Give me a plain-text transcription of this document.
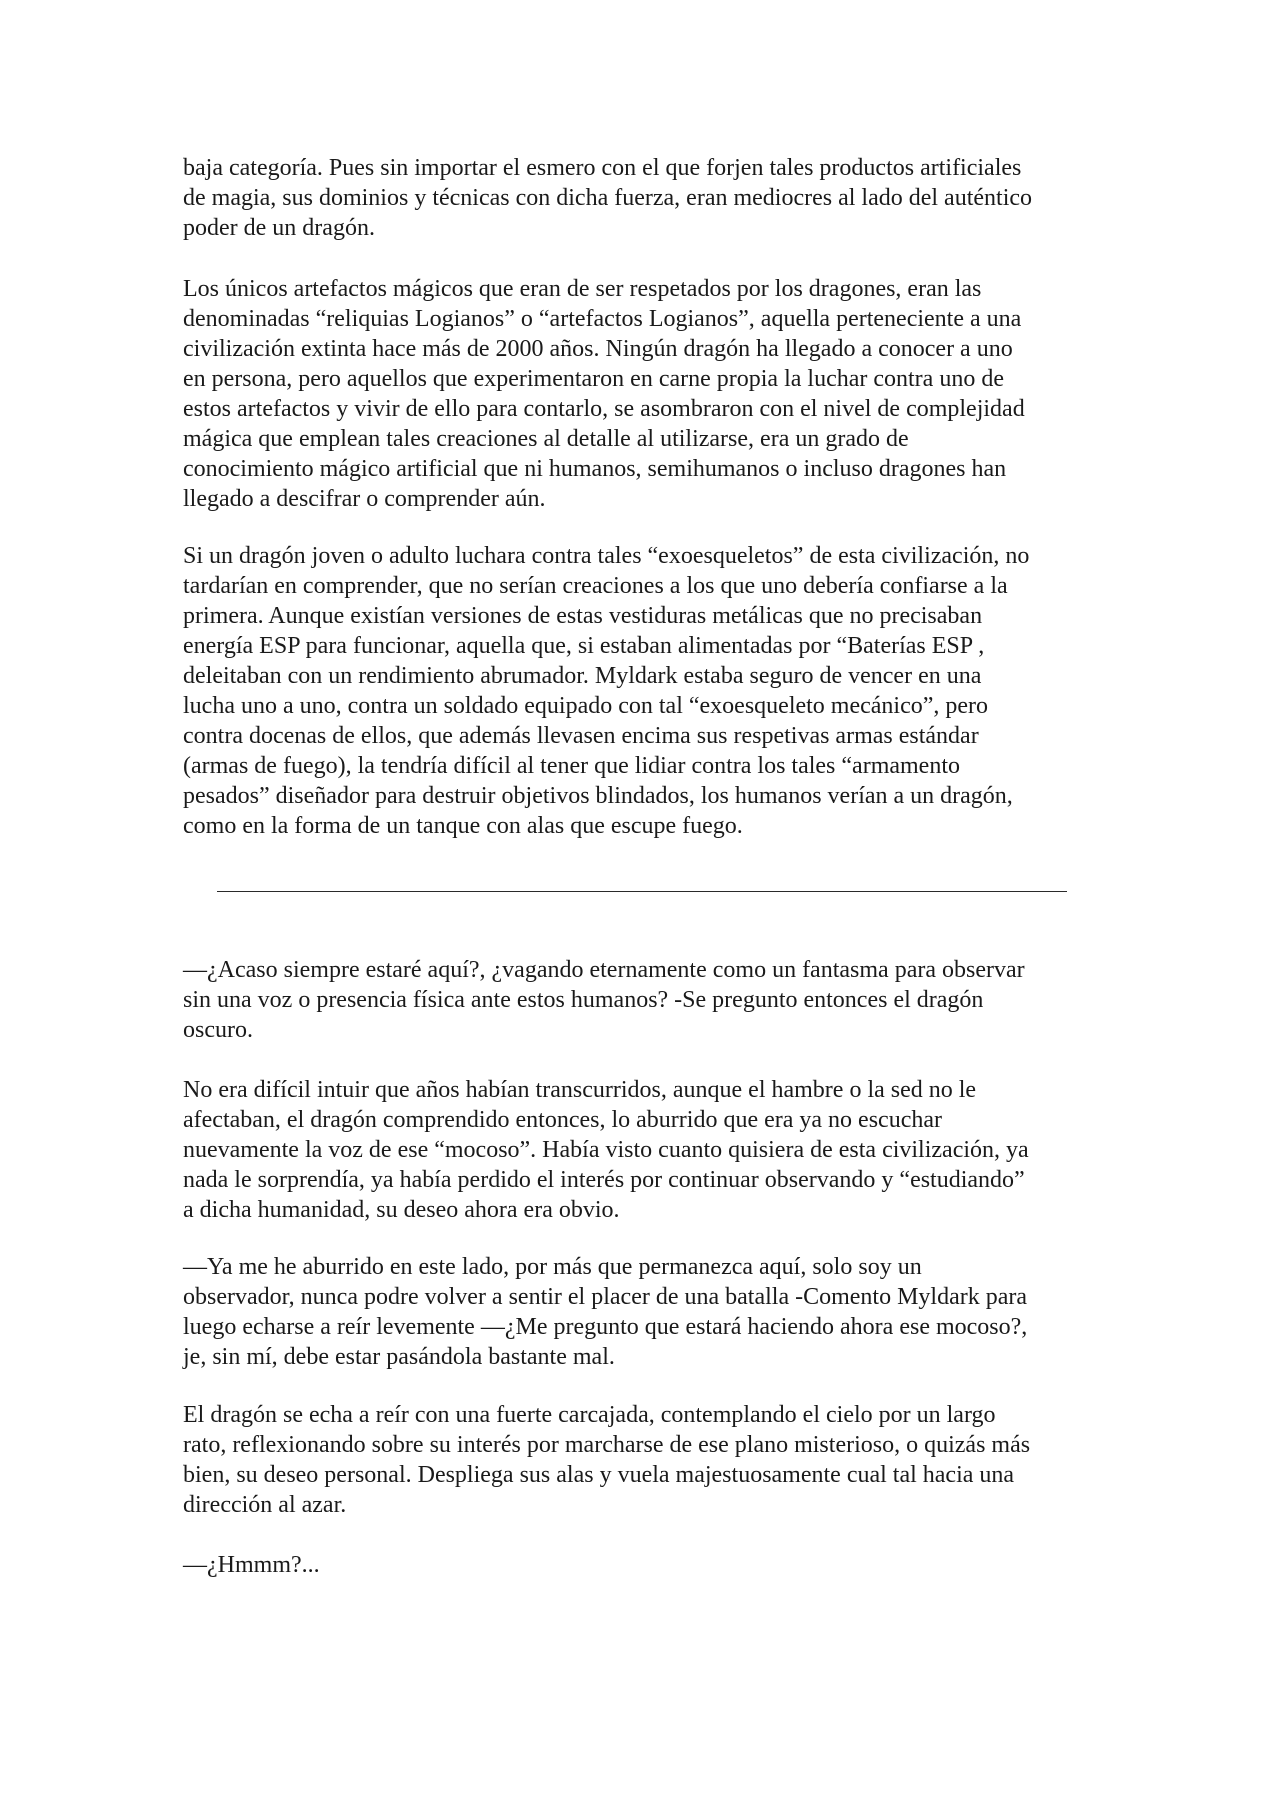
baja categoría. Pues sin importar el esmero con el que forjen tales productos artificiales
de magia, sus dominios y técnicas con dicha fuerza, eran mediocres al lado del auténtico
poder de un dragón.
Los únicos artefactos mágicos que eran de ser respetados por los dragones, eran las
denominadas “reliquias Logianos” o “artefactos Logianos”, aquella perteneciente a una
civilización extinta hace más de 2000 años. Ningún dragón ha llegado a conocer a uno
en persona, pero aquellos que experimentaron en carne propia la luchar contra uno de
estos artefactos y vivir de ello para contarlo, se asombraron con el nivel de complejidad
mágica que emplean tales creaciones al detalle al utilizarse, era un grado de
conocimiento mágico artificial que ni humanos, semihumanos o incluso dragones han
llegado a descifrar o comprender aún.
Si un dragón joven o adulto luchara contra tales “exoesqueletos” de esta civilización, no
tardarían en comprender, que no serían creaciones a los que uno debería confiarse a la
primera. Aunque existían versiones de estas vestiduras metálicas que no precisaban
energía ESP para funcionar, aquella que, si estaban alimentadas por “Baterías ESP ,
deleitaban con un rendimiento abrumador. Myldark estaba seguro de vencer en una
lucha uno a uno, contra un soldado equipado con tal “exoesqueleto mecánico”, pero
contra docenas de ellos, que además llevasen encima sus respetivas armas estándar
(armas de fuego), la tendría difícil al tener que lidiar contra los tales “armamento
pesados” diseñador para destruir objetivos blindados, los humanos verían a un dragón,
como en la forma de un tanque con alas que escupe fuego.
—¿Acaso siempre estaré aquí?, ¿vagando eternamente como un fantasma para observar
sin una voz o presencia física ante estos humanos? -Se pregunto entonces el dragón
oscuro.
No era difícil intuir que años habían transcurridos, aunque el hambre o la sed no le
afectaban, el dragón comprendido entonces, lo aburrido que era ya no escuchar
nuevamente la voz de ese “mocoso”. Había visto cuanto quisiera de esta civilización, ya
nada le sorprendía, ya había perdido el interés por continuar observando y “estudiando”
a dicha humanidad, su deseo ahora era obvio.
—Ya me he aburrido en este lado, por más que permanezca aquí, solo soy un
observador, nunca podre volver a sentir el placer de una batalla -Comento Myldark para
luego echarse a reír levemente —¿Me pregunto que estará haciendo ahora ese mocoso?,
je, sin mí, debe estar pasándola bastante mal.
El dragón se echa a reír con una fuerte carcajada, contemplando el cielo por un largo
rato, reflexionando sobre su interés por marcharse de ese plano misterioso, o quizás más
bien, su deseo personal. Despliega sus alas y vuela majestuosamente cual tal hacia una
dirección al azar.
—¿Hmmm?...
